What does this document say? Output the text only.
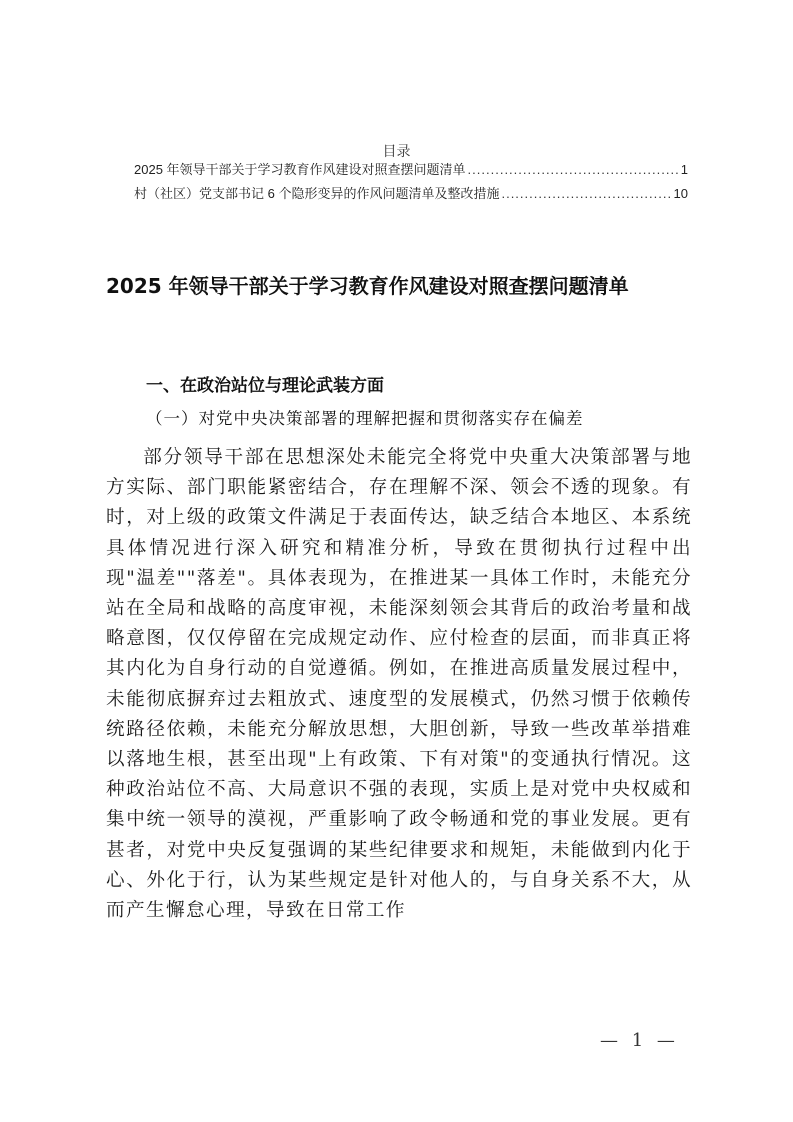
目录
2025 年领导干部关于学习教育作风建设对照查摆问题清单 .....	1
村（社区）党支部书记 6 个隐形变异的作风问题清单及整改措施 .....	10
2025 年领导干部关于学习教育作风建设对照查摆问题清单
一、在政治站位与理论武装方面
（一）对党中央决策部署的理解把握和贯彻落实存在偏差

部分领导干部在思想深处未能完全将党中央重大决策部署与地方实际、部门职能紧密结合，存在理解不深、领会不透的现象。有时，对上级的政策文件满足于表面传达，缺乏结合本地区、本系统具体情况进行深入研究和精准分析，导致在贯彻执行过程中出现"温差""落差"。具体表现为，在推进某一具体工作时，未能充分站在全局和战略的高度审视，未能深刻领会其背后的政治考量和战略意图，仅仅停留在完成规定动作、应付检查的层面，而非真正将其内化为自身行动的自觉遵循。例如，在推进高质量发展过程中，未能彻底摒弃过去粗放式、速度型的发展模式，仍然习惯于依赖传统路径依赖，未能充分解放思想，大胆创新，导致一些改革举措难以落地生根，甚至出现"上有政策、下有对策"的变通执行情况。这种政治站位不高、大局意识不强的表现，实质上是对党中央权威和集中统一领导的漠视，严重影响了政令畅通和党的事业发展。更有甚者，对党中央反复强调的某些纪律要求和规矩，未能做到内化于心、外化于行，认为某些规定是针对他人的，与自身关系不大，从而产生懈怠心理，导致在日常工作

— 1 —
